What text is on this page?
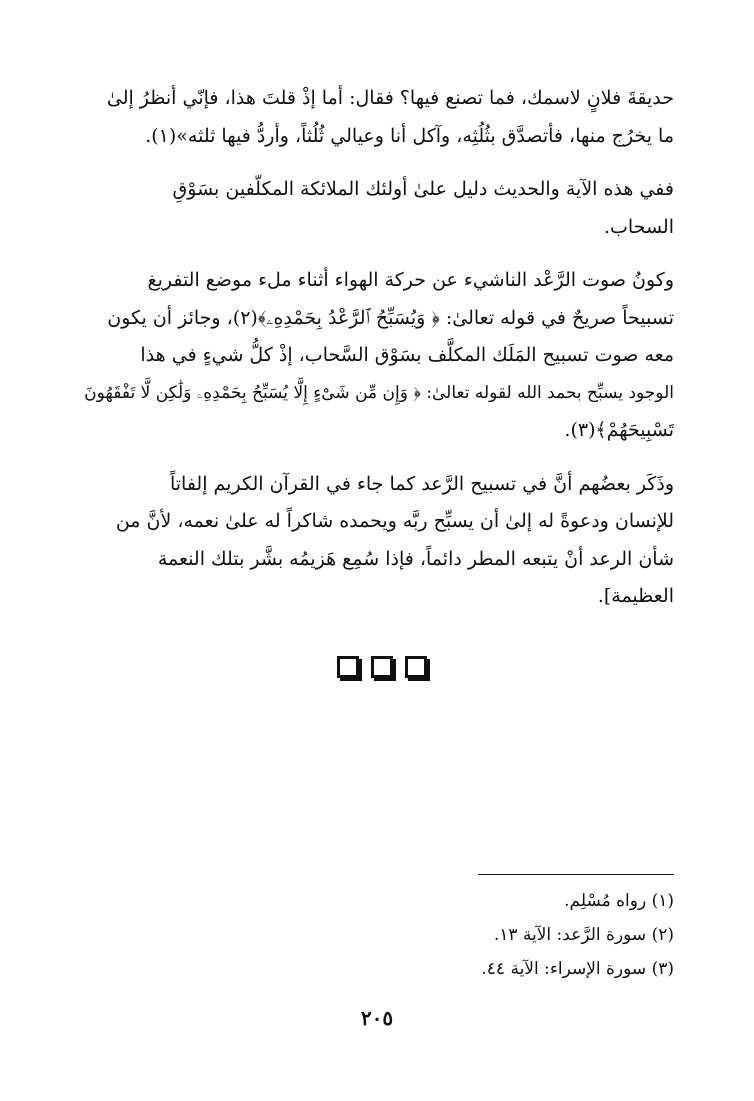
حديقةَ فلانٍ لاسمك، فما تصنع فيها؟ فقال: أما إذْ قلتَ هذا، فإنّي أنظرُ إلىٰ
ما يخرُج منها، فأتصدَّق بثُلُثِه، وآكل أنا وعيالي ثُلُثاً، وأردُّ فيها ثلثه»(١).
ففي هذه الآية والحديث دليل علىٰ أولئك الملائكة المكلّفين بسَوْقِ
السحاب.
وكونُ صوت الرَّعْد الناشيء عن حركة الهواء أثناء ملء موضع التفريغ
تسبيحاً صريحٌ في قوله تعالىٰ: ﴿ وَيُسَبِّحُ ٱلرَّعْدُ بِحَمْدِهِۦ﴾(٢)، وجائز أن يكون
معه صوت تسبيح المَلَك المكلَّف بسَوْق السَّحاب، إذْ كلُّ شيءٍ في هذا
الوجود يسبِّح بحمد الله لقوله تعالىٰ: ﴿ وَإِن مِّن شَىْءٍ إِلَّا يُسَبِّحُ بِحَمْدِهِۦ وَلَٰكِن لَّا تَفْقَهُونَ
تَسْبِيحَهُمْ﴾(٣).
وذَكَر بعضُهم أنَّ في تسبيح الرَّعد كما جاء في القرآن الكريم إلفاتاً
للإنسان ودعوةً له إلىٰ أن يسبِّح ربَّه ويحمده شاكراً له علىٰ نعمه، لأنَّ من
شأن الرعد أنْ يتبعه المطر دائماً، فإذا سُمِع هَزيمُه بشَّر بتلك النعمة
العظيمة].
(١) رواه مُسْلِم.
(٢) سورة الرَّعد: الآية ١٣.
(٣) سورة الإسراء: الآية ٤٤.
٢٠٥
